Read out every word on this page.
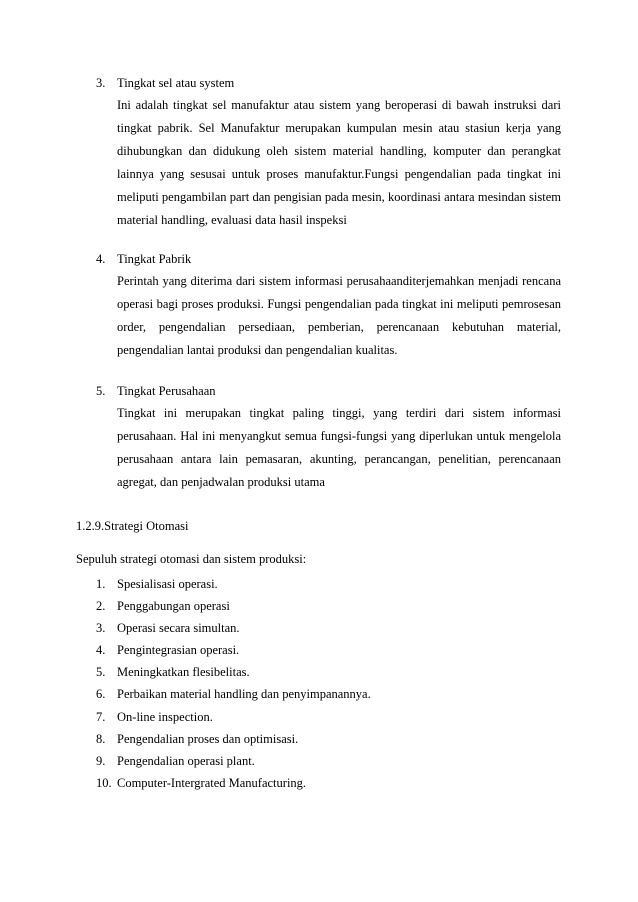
3. Tingkat sel atau system
Ini adalah tingkat sel manufaktur atau sistem yang beroperasi di bawah instruksi dari tingkat pabrik. Sel Manufaktur merupakan kumpulan mesin atau stasiun kerja yang dihubungkan dan didukung oleh sistem material handling, komputer dan perangkat lainnya yang sesusai untuk proses manufaktur.Fungsi pengendalian pada tingkat ini meliputi pengambilan part dan pengisian pada mesin, koordinasi antara mesindan sistem material handling, evaluasi data hasil inspeksi
4. Tingkat Pabrik
Perintah yang diterima dari sistem informasi perusahaanditerjemahkan menjadi rencana operasi bagi proses produksi. Fungsi pengendalian pada tingkat ini meliputi pemrosesan order, pengendalian persediaan, pemberian, perencanaan kebutuhan material, pengendalian lantai produksi dan pengendalian kualitas.
5. Tingkat Perusahaan
Tingkat ini merupakan tingkat paling tinggi, yang terdiri dari sistem informasi perusahaan. Hal ini menyangkut semua fungsi-fungsi yang diperlukan untuk mengelola perusahaan antara lain pemasaran, akunting, perancangan, penelitian, perencanaan agregat, dan penjadwalan produksi utama
1.2.9.Strategi Otomasi
Sepuluh strategi otomasi dan sistem produksi:
1. Spesialisasi operasi.
2. Penggabungan operasi
3. Operasi secara simultan.
4. Pengintegrasian operasi.
5. Meningkatkan flesibelitas.
6. Perbaikan material handling dan penyimpanannya.
7. On-line inspection.
8. Pengendalian proses dan optimisasi.
9. Pengendalian operasi plant.
10. Computer-Intergrated Manufacturing.
